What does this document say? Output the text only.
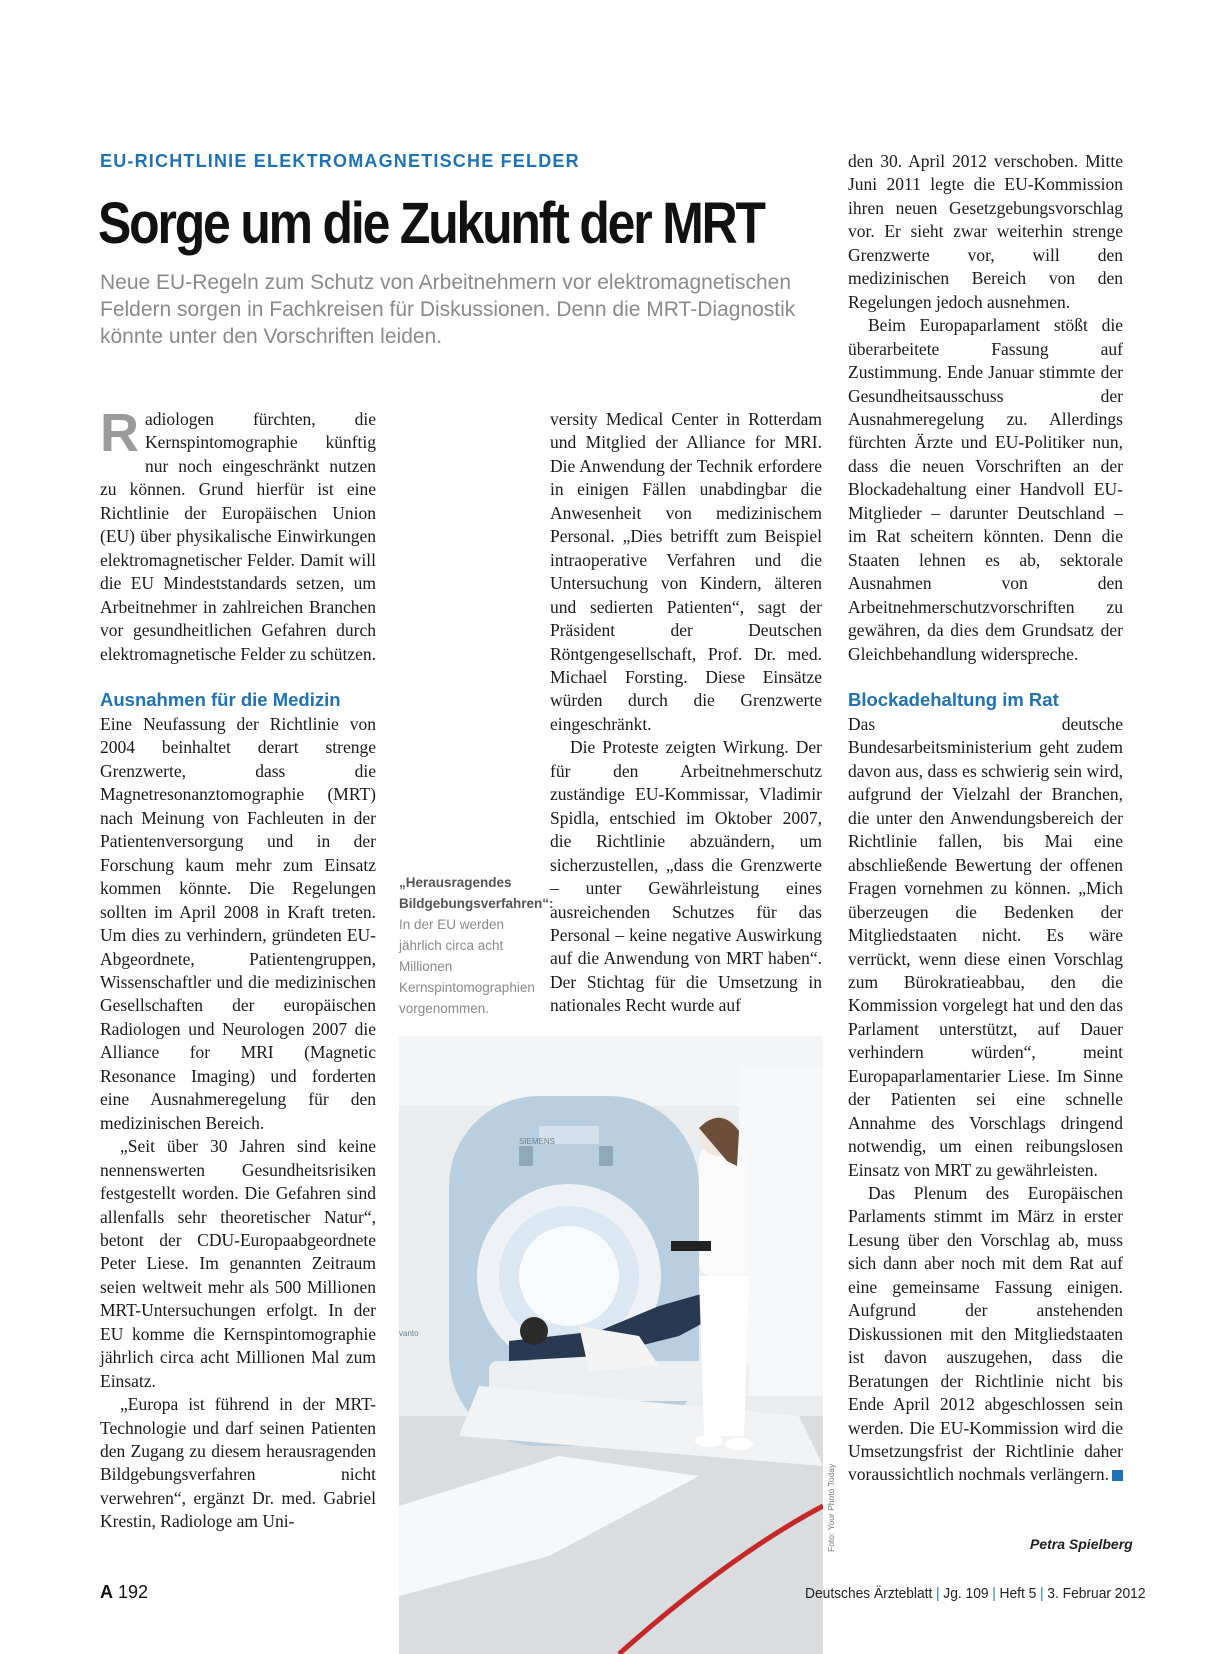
EU-RICHTLINIE ELEKTROMAGNETISCHE FELDER
Sorge um die Zukunft der MRT
Neue EU-Regeln zum Schutz von Arbeitnehmern vor elektromagnetischen Feldern sorgen in Fachkreisen für Diskussionen. Denn die MRT-Diagnostik könnte unter den Vorschriften leiden.

Radiologen fürchten, die Kernspintomographie künftig nur noch eingeschränkt nutzen zu können. Grund hierfür ist eine Richtlinie der Europäischen Union (EU) über physikalische Einwirkungen elektromagnetischer Felder. Damit will die EU Mindeststandards setzen, um Arbeitnehmer in zahlreichen Branchen vor gesundheitlichen Gefahren durch elektromagnetische Felder zu schützen.

Ausnahmen für die Medizin

Eine Neufassung der Richtlinie von 2004 beinhaltet derart strenge Grenzwerte, dass die Magnetresonanztomographie (MRT) nach Meinung von Fachleuten in der Patientenversorgung und in der Forschung kaum mehr zum Einsatz kommen könnte. Die Regelungen sollten im April 2008 in Kraft treten. Um dies zu verhindern, gründeten EU-Abgeordnete, Patientengruppen, Wissenschaftler und die medizinischen Gesellschaften der europäischen Radiologen und Neurologen 2007 die Alliance for MRI (Magnetic Resonance Imaging) und forderten eine Ausnahmeregelung für den medizinischen Bereich.

„Seit über 30 Jahren sind keine nennenswerten Gesundheitsrisiken festgestellt worden. Die Gefahren sind allenfalls sehr theoretischer Natur“, betont der CDU-Europaabgeordnete Peter Liese. Im genannten Zeitraum seien weltweit mehr als 500 Millionen MRT-Untersuchungen erfolgt. In der EU komme die Kernspintomographie jährlich circa acht Millionen Mal zum Einsatz.

„Europa ist führend in der MRT-Technologie und darf seinen Patienten den Zugang zu diesem herausragenden Bildgebungsverfahren nicht verwehren“, ergänzt Dr. med. Gabriel Krestin, Radiologe am Uni-

versity Medical Center in Rotterdam und Mitglied der Alliance for MRI. Die Anwendung der Technik erfordere in einigen Fällen unabdingbar die Anwesenheit von medizinischem Personal. „Dies betrifft zum Beispiel intraoperative Verfahren und die Untersuchung von Kindern, älteren und sedierten Patienten“, sagt der Präsident der Deutschen Röntgengesellschaft, Prof. Dr. med. Michael Forsting. Diese Einsätze würden durch die Grenzwerte eingeschränkt.

Die Proteste zeigten Wirkung. Der für den Arbeitnehmerschutz zuständige EU-Kommissar, Vladimir Spidla, entschied im Oktober 2007, die Richtlinie abzuändern, um sicherzustellen, „dass die Grenzwerte – unter Gewährleistung eines ausreichenden Schutzes für das Personal – keine negative Auswirkung auf die Anwendung von MRT haben“. Der Stichtag für die Umsetzung in nationales Recht wurde auf

den 30. April 2012 verschoben. Mitte Juni 2011 legte die EU-Kommission ihren neuen Gesetzgebungsvorschlag vor. Er sieht zwar weiterhin strenge Grenzwerte vor, will den medizinischen Bereich von den Regelungen jedoch ausnehmen.

Beim Europaparlament stößt die überarbeitete Fassung auf Zustimmung. Ende Januar stimmte der Gesundheitsausschuss der Ausnahmeregelung zu. Allerdings fürchten Ärzte und EU-Politiker nun, dass die neuen Vorschriften an der Blockadehaltung einer Handvoll EU-Mitglieder – darunter Deutschland – im Rat scheitern könnten. Denn die Staaten lehnen es ab, sektorale Ausnahmen von den Arbeitnehmerschutzvorschriften zu gewähren, da dies dem Grundsatz der Gleichbehandlung widerspreche.

Blockadehaltung im Rat

Das deutsche Bundesarbeitsministerium geht zudem davon aus, dass es schwierig sein wird, aufgrund der Vielzahl der Branchen, die unter den Anwendungsbereich der Richtlinie fallen, bis Mai eine abschließende Bewertung der offenen Fragen vornehmen zu können. „Mich überzeugen die Bedenken der Mitgliedstaaten nicht. Es wäre verrückt, wenn diese einen Vorschlag zum Bürokratieabbau, den die Kommission vorgelegt hat und den das Parlament unterstützt, auf Dauer verhindern würden“, meint Europaparlamentarier Liese. Im Sinne der Patienten sei eine schnelle Annahme des Vorschlags dringend notwendig, um einen reibungslosen Einsatz von MRT zu gewährleisten.

Das Plenum des Europäischen Parlaments stimmt im März in erster Lesung über den Vorschlag ab, muss sich dann aber noch mit dem Rat auf eine gemeinsame Fassung einigen. Aufgrund der anstehenden Diskussionen mit den Mitgliedstaaten ist davon auszugehen, dass die Beratungen der Richtlinie nicht bis Ende April 2012 abgeschlossen sein werden. Die EU-Kommission wird die Umsetzungsfrist der Richtlinie daher voraussichtlich nochmals verlängern.

Petra Spielberg
„Herausragendes Bildgebungsverfahren“: In der EU werden jährlich circa acht Millionen Kernspintomographien vorgenommen.
SIEMENS
vanto
Foto: Your Photo Today
A 192	Deutsches Ärzteblatt | Jg. 109 | Heft 5 | 3. Februar 2012
